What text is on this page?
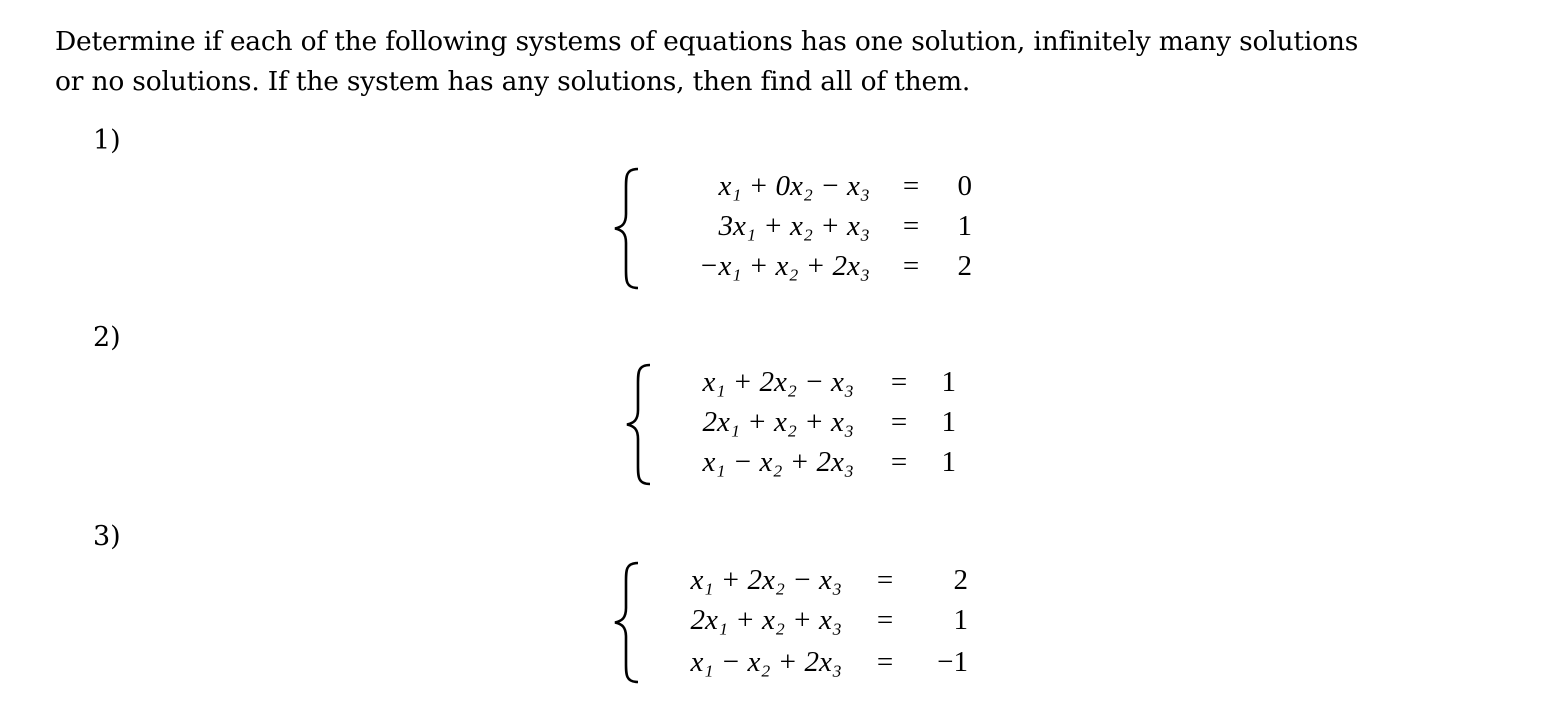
Determine if each of the following systems of equations has one solution, infinitely many solutions

or no solutions. If the system has any solutions, then find all of them.

1)
x₁ + 0x₂ − x₃ =	0
3x₁ + x₂ + x₃ =	1
−x₁ + x₂ + 2x₃ =	2
2)
x₁ + 2x₂ − x₃ =	1
2x₁ + x₂ + x₃ =	1
x₁ − x₂ + 2x₃ =	1
3)
x₁ + 2x₂ − x₃ =	2
2x₁ + x₂ + x₃ =	1
x₁ − x₂ + 2x₃ =	−1
